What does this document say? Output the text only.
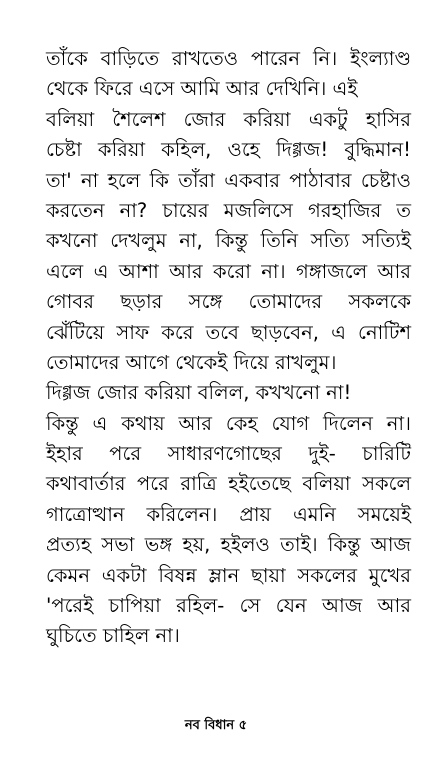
তাঁকে বাড়িতে রাখতেও পারেন নি। ইংল্যাণ্ড
থেকে ফিরে এসে আমি আর দেখিনি। এই
বলিয়া শৈলেশ জোর করিয়া একটু হাসির
চেষ্টা করিয়া কহিল, ওহে দিগ্গজ! বুদ্ধিমান!
তা' না হলে কি তাঁরা একবার পাঠাবার চেষ্টাও
করতেন না? চায়ের মজলিসে গরহাজির ত
কখনো দেখলুম না, কিন্তু তিনি সত্যি সত্যিই
এলে এ আশা আর করো না। গঙ্গাজলে আর
গোবর ছড়ার সঙ্গে তোমাদের সকলকে
ঝেঁটিয়ে সাফ করে তবে ছাড়বেন, এ নোটিশ
তোমাদের আগে থেকেই দিয়ে রাখলুম।
দিগ্গজ জোর করিয়া বলিল, কখখনো না!
কিন্তু এ কথায় আর কেহ যোগ দিলেন না।
ইহার পরে সাধারণগোছের দুই- চারিটি
কথাবার্তার পরে রাত্রি হইতেছে বলিয়া সকলে
গাত্রোত্থান করিলেন। প্রায় এমনি সময়েই
প্রত্যহ সভা ভঙ্গ হয়, হইলও তাই। কিন্তু আজ
কেমন একটা বিষন্ন ম্লান ছায়া সকলের মুখের
'পরেই চাপিয়া রহিল- সে যেন আজ আর
ঘুচিতে চাহিল না।
নব বিধান ৫
